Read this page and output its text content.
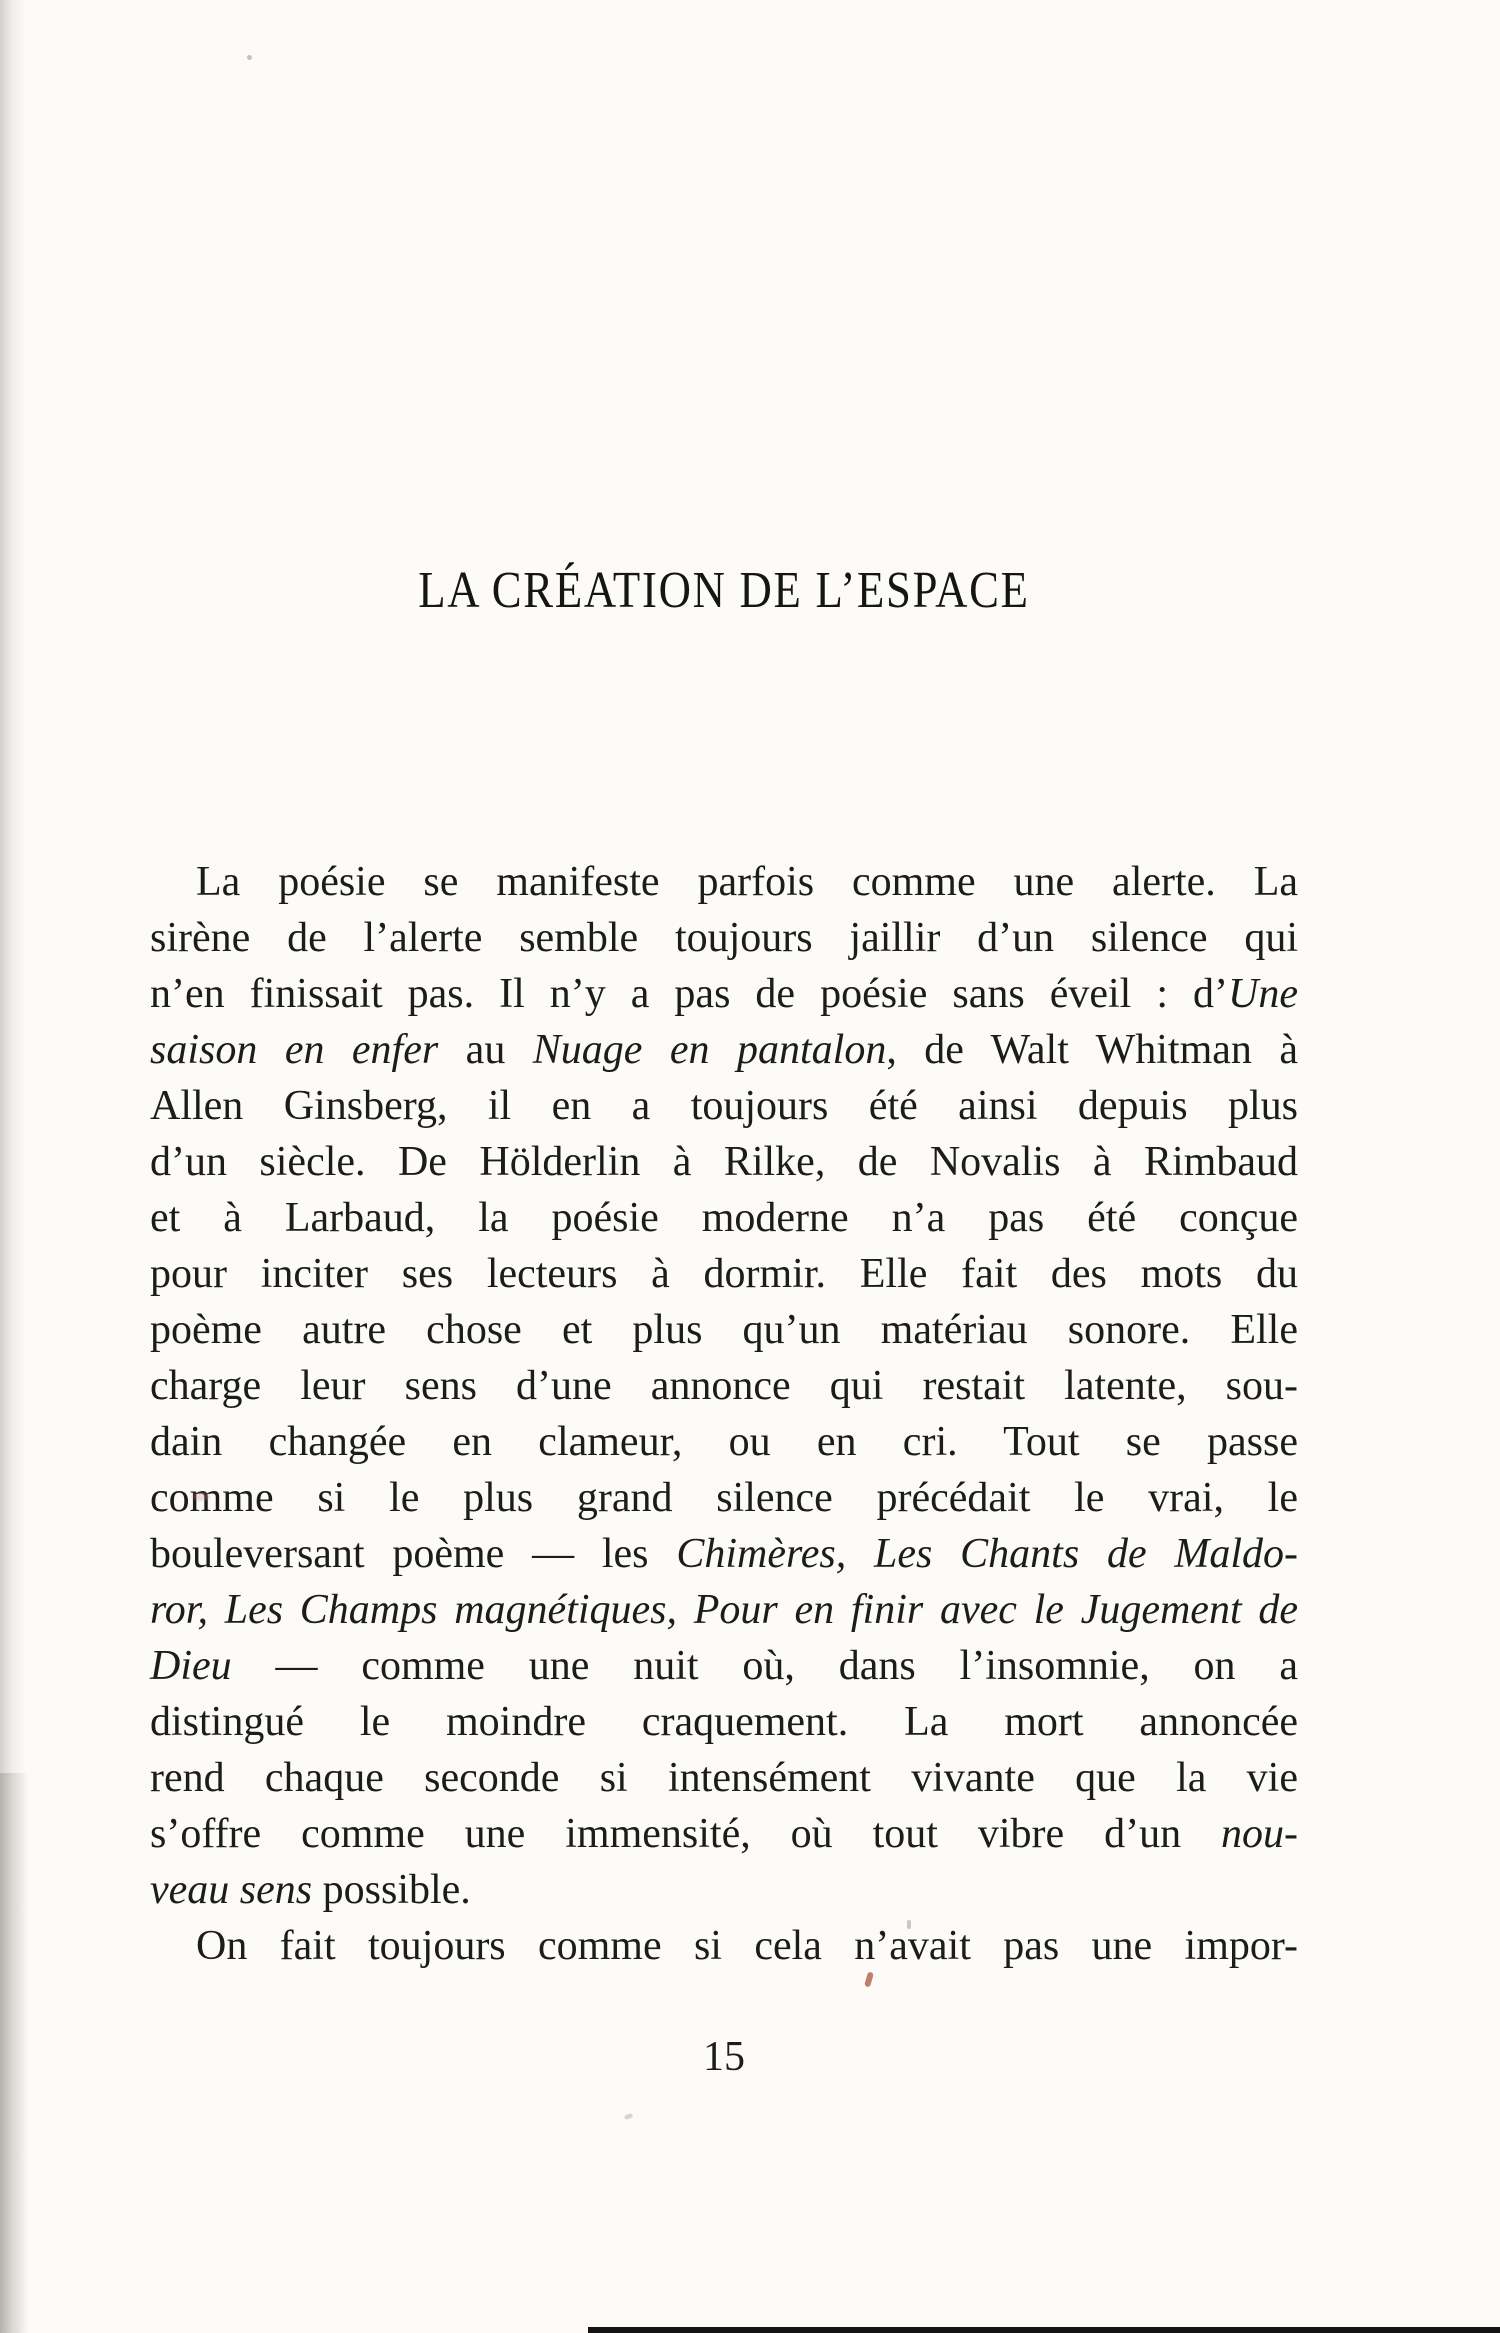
LA CRÉATION DE L’ESPACE
La poésie se manifeste parfois comme une alerte. La
sirène de l’alerte semble toujours jaillir d’un silence qui
n’en finissait pas. Il n’y a pas de poésie sans éveil : d’Une
saison en enfer au Nuage en pantalon, de Walt Whitman à
Allen Ginsberg, il en a toujours été ainsi depuis plus
d’un siècle. De Hölderlin à Rilke, de Novalis à Rimbaud
et à Larbaud, la poésie moderne n’a pas été conçue
pour inciter ses lecteurs à dormir. Elle fait des mots du
poème autre chose et plus qu’un matériau sonore. Elle
charge leur sens d’une annonce qui restait latente, sou-
dain changée en clameur, ou en cri. Tout se passe
comme si le plus grand silence précédait le vrai, le
bouleversant poème — les Chimères, Les Chants de Maldo-
ror, Les Champs magnétiques, Pour en finir avec le Jugement de
Dieu — comme une nuit où, dans l’insomnie, on a
distingué le moindre craquement. La mort annoncée
rend chaque seconde si intensément vivante que la vie
s’offre comme une immensité, où tout vibre d’un nou-
veau sens possible.
On fait toujours comme si cela n’avait pas une impor-
15
